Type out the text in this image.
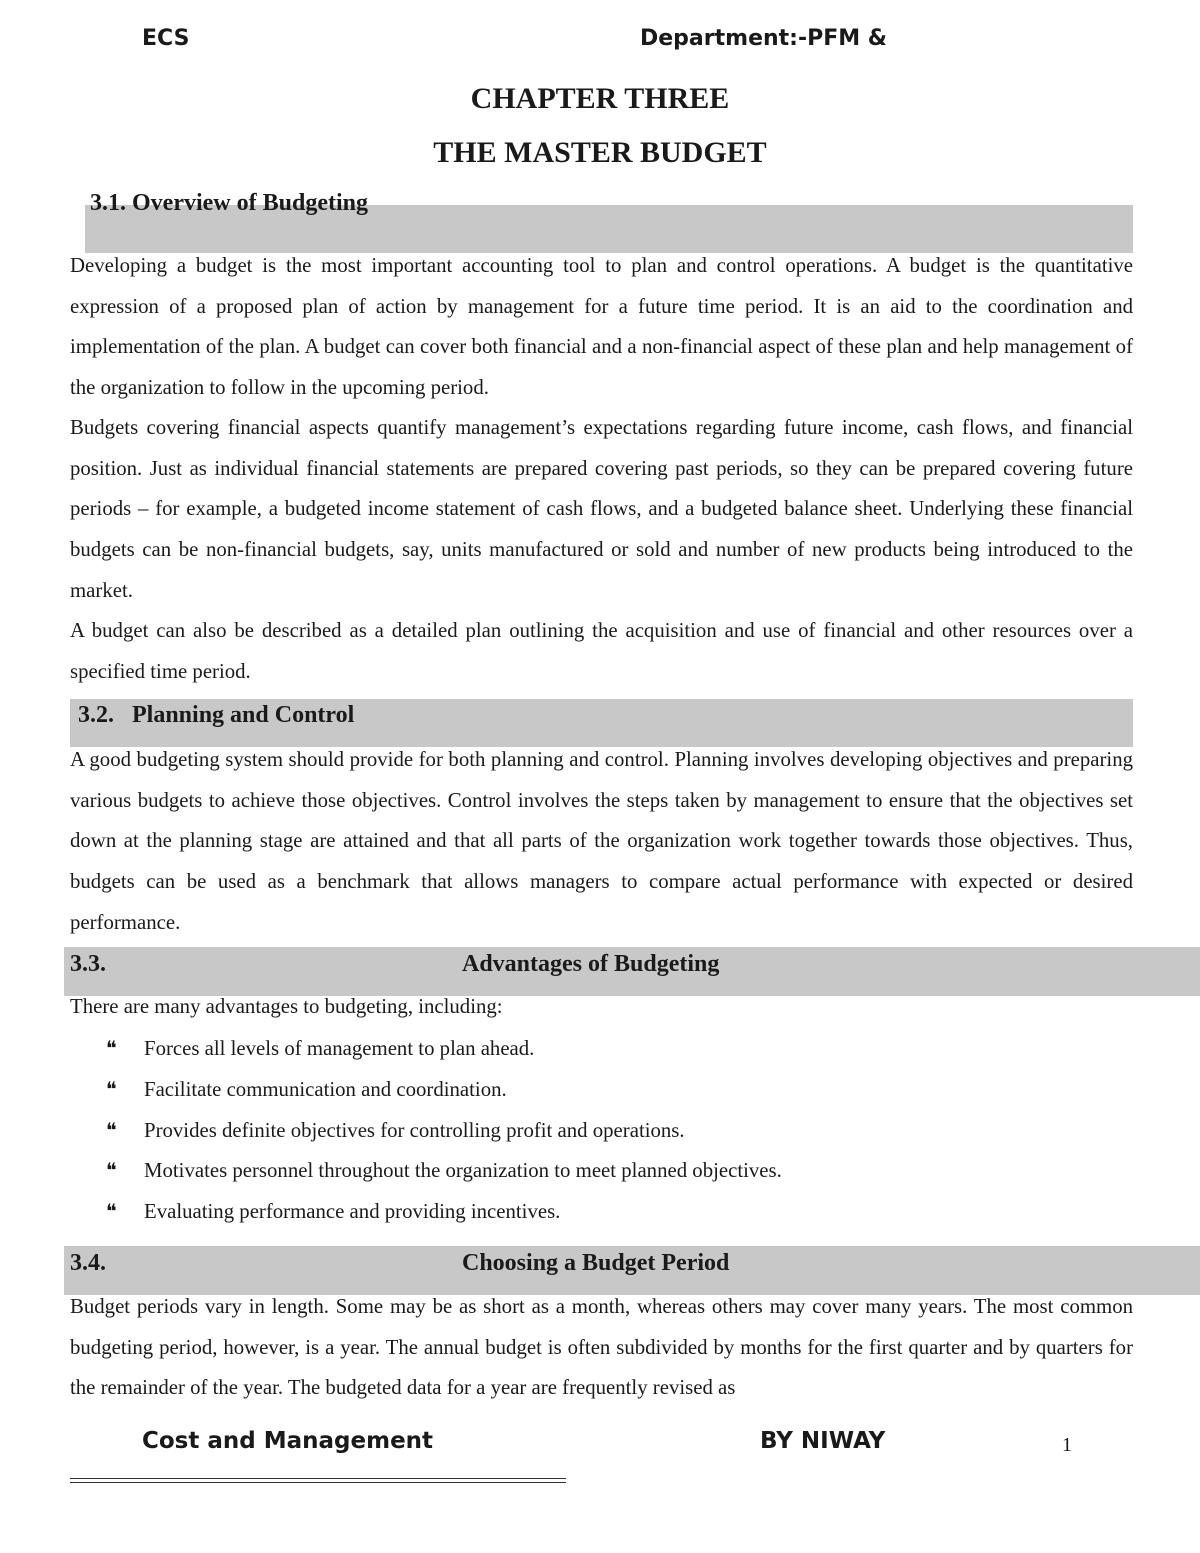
ECS	Department:-PFM &
CHAPTER THREE
THE MASTER BUDGET
3.1. Overview of Budgeting

Developing a budget is the most important accounting tool to plan and control operations. A budget is the quantitative expression of a proposed plan of action by management for a future time period. It is an aid to the coordination and implementation of the plan. A budget can cover both financial and a non-financial aspect of these plan and help management of the organization to follow in the upcoming period.

Budgets covering financial aspects quantify management’s expectations regarding future income, cash flows, and financial position. Just as individual financial statements are prepared covering past periods, so they can be prepared covering future periods – for example, a budgeted income statement of cash flows, and a budgeted balance sheet. Underlying these financial budgets can be non-financial budgets, say, units manufactured or sold and number of new products being introduced to the market.

A budget can also be described as a detailed plan outlining the acquisition and use of financial and other resources over a specified time period.

3.2. Planning and Control

A good budgeting system should provide for both planning and control. Planning involves developing objectives and preparing various budgets to achieve those objectives. Control involves the steps taken by management to ensure that the objectives set down at the planning stage are attained and that all parts of the organization work together towards those objectives. Thus, budgets can be used as a benchmark that allows managers to compare actual performance with expected or desired performance.

3.3.	Advantages of Budgeting

There are many advantages to budgeting, including:

❝ Forces all levels of management to plan ahead.
❝ Facilitate communication and coordination.
❝ Provides definite objectives for controlling profit and operations.
❝ Motivates personnel throughout the organization to meet planned objectives.
❝ Evaluating performance and providing incentives.
3.4.	Choosing a Budget Period

Budget periods vary in length. Some may be as short as a month, whereas others may cover many years. The most common budgeting period, however, is a year. The annual budget is often subdivided by months for the first quarter and by quarters for the remainder of the year. The budgeted data for a year are frequently revised as

Cost and Management	BY NIWAY	1
